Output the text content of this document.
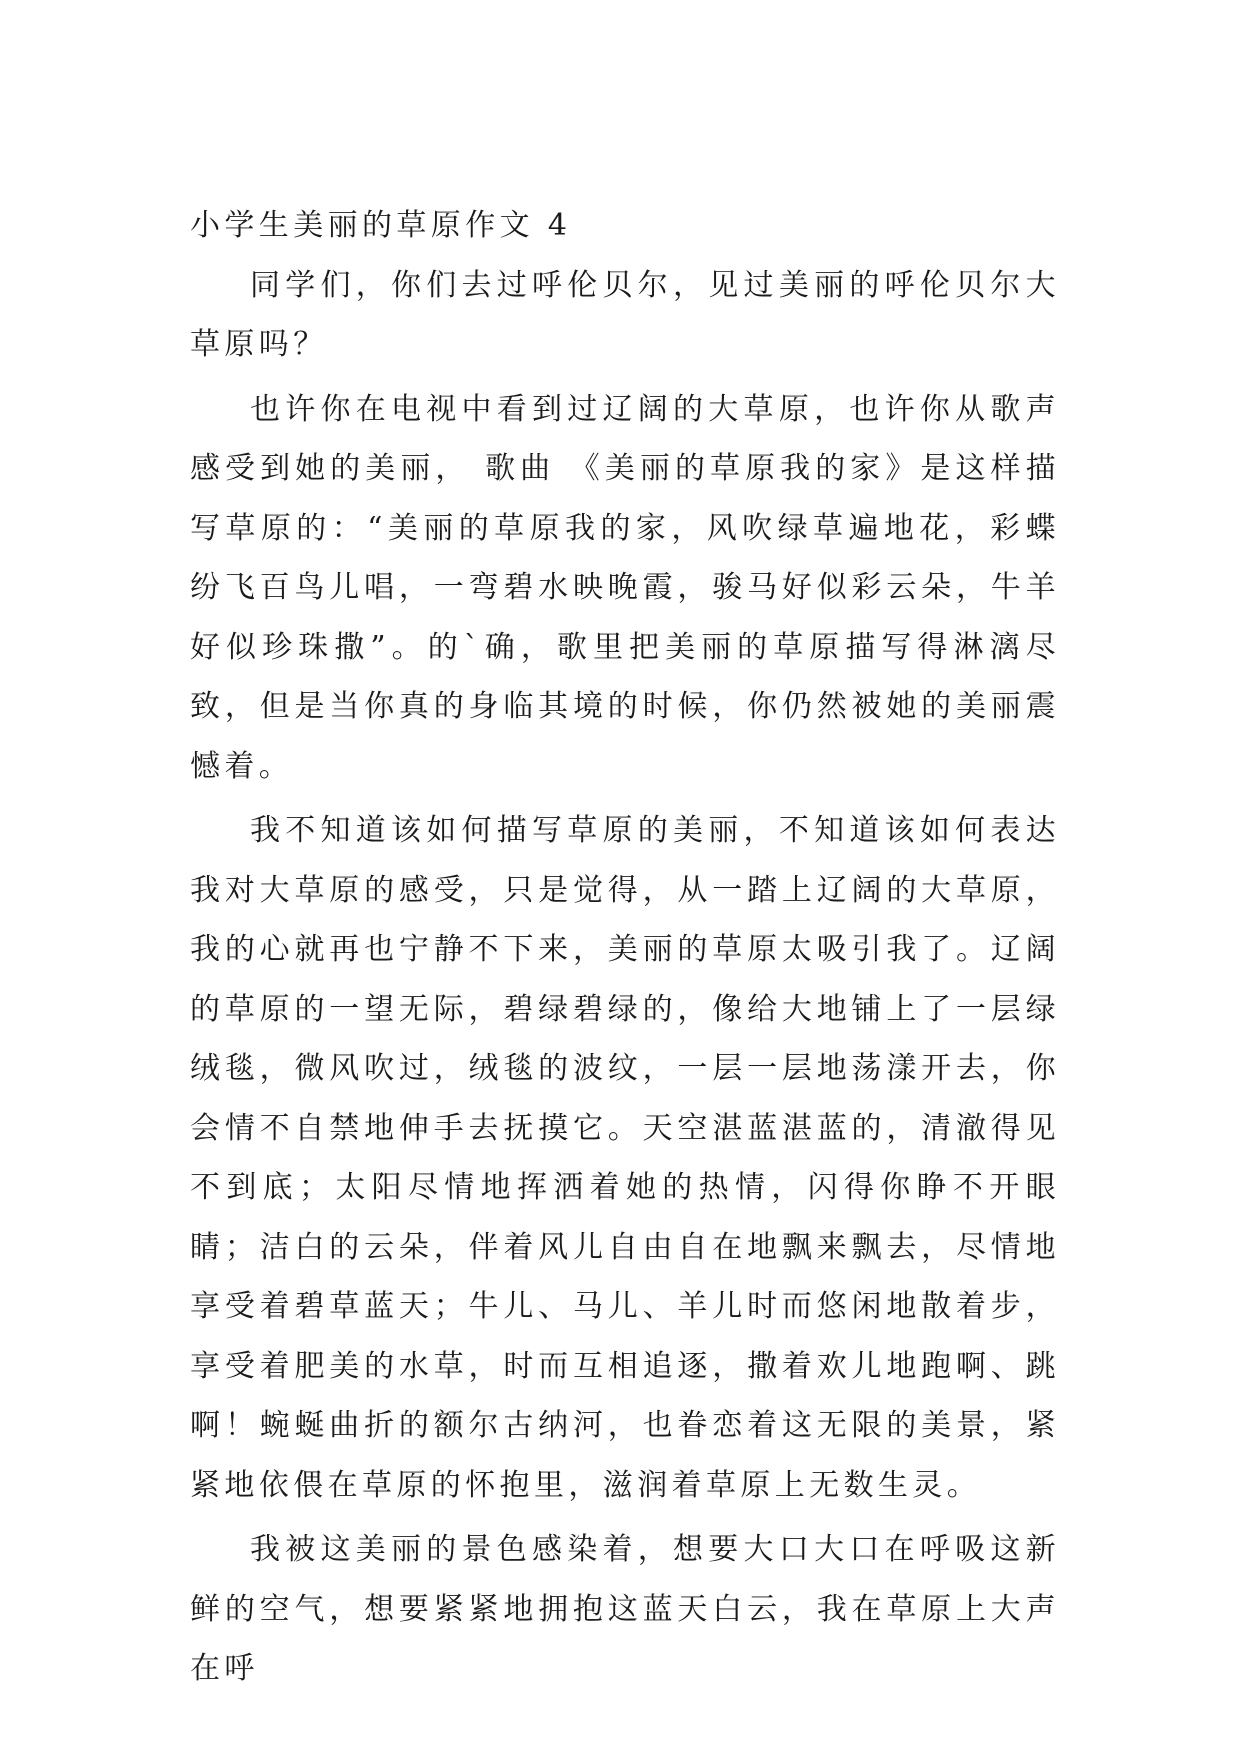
小学生美丽的草原作文 4

同学们，你们去过呼伦贝尔，见过美丽的呼伦贝尔大草原吗？

也许你在电视中看到过辽阔的大草原，也许你从歌声感受到她的美丽， 歌曲 《美丽的草原我的家》是这样描写草原的：“美丽的草原我的家，风吹绿草遍地花，彩蝶纷飞百鸟儿唱，一弯碧水映晚霞，骏马好似彩云朵，牛羊好似珍珠撒”。的`确，歌里把美丽的草原描写得淋漓尽致，但是当你真的身临其境的时候，你仍然被她的美丽震憾着。

我不知道该如何描写草原的美丽，不知道该如何表达我对大草原的感受，只是觉得，从一踏上辽阔的大草原，我的心就再也宁静不下来，美丽的草原太吸引我了。辽阔的草原的一望无际，碧绿碧绿的，像给大地铺上了一层绿绒毯，微风吹过，绒毯的波纹，一层一层地荡漾开去，你会情不自禁地伸手去抚摸它。天空湛蓝湛蓝的，清澈得见不到底；太阳尽情地挥洒着她的热情，闪得你睁不开眼睛；洁白的云朵，伴着风儿自由自在地飘来飘去，尽情地享受着碧草蓝天；牛儿、马儿、羊儿时而悠闲地散着步，享受着肥美的水草，时而互相追逐，撒着欢儿地跑啊、跳啊！蜿蜒曲折的额尔古纳河，也眷恋着这无限的美景，紧紧地依偎在草原的怀抱里，滋润着草原上无数生灵。

我被这美丽的景色感染着，想要大口大口在呼吸这新鲜的空气，想要紧紧地拥抱这蓝天白云，我在草原上大声在呼
